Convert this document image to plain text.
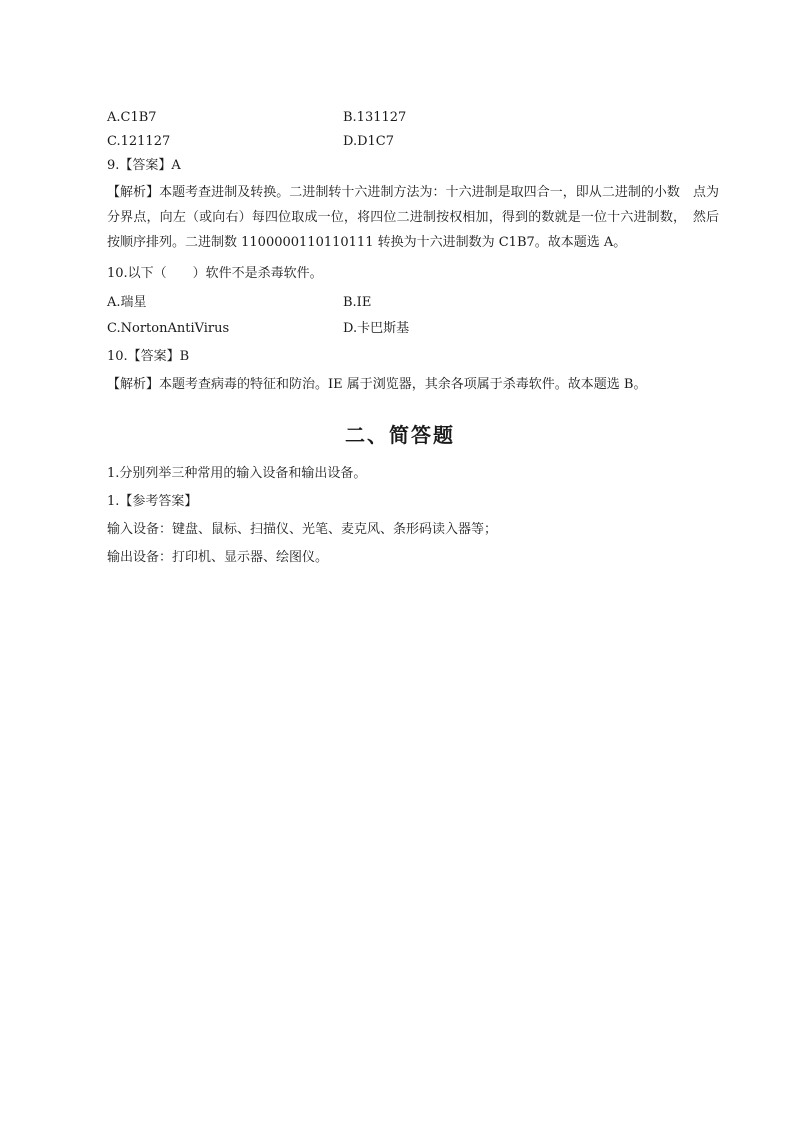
A.C1B7	B.131127
C.121127	D.D1C7
9.【答案】A
【解析】本题考查进制及转换。二进制转十六进制方法为：十六进制是取四合一，即从二进制的小数　点为分界点，向左（或向右）每四位取成一位，将四位二进制按权相加，得到的数就是一位十六进制数，　然后按顺序排列。二进制数 1100000110110111 转换为十六进制数为 C1B7。故本题选 A。
10.以下（　　）软件不是杀毒软件。
A.瑞星	B.IE
C.NortonAntiVirus	D.卡巴斯基
10.【答案】B
【解析】本题考查病毒的特征和防治。IE 属于浏览器，其余各项属于杀毒软件。故本题选 B。
二、简答题
1.分别列举三种常用的输入设备和输出设备。
1.【参考答案】
输入设备：键盘、鼠标、扫描仪、光笔、麦克风、条形码读入器等；
输出设备：打印机、显示器、绘图仪。
